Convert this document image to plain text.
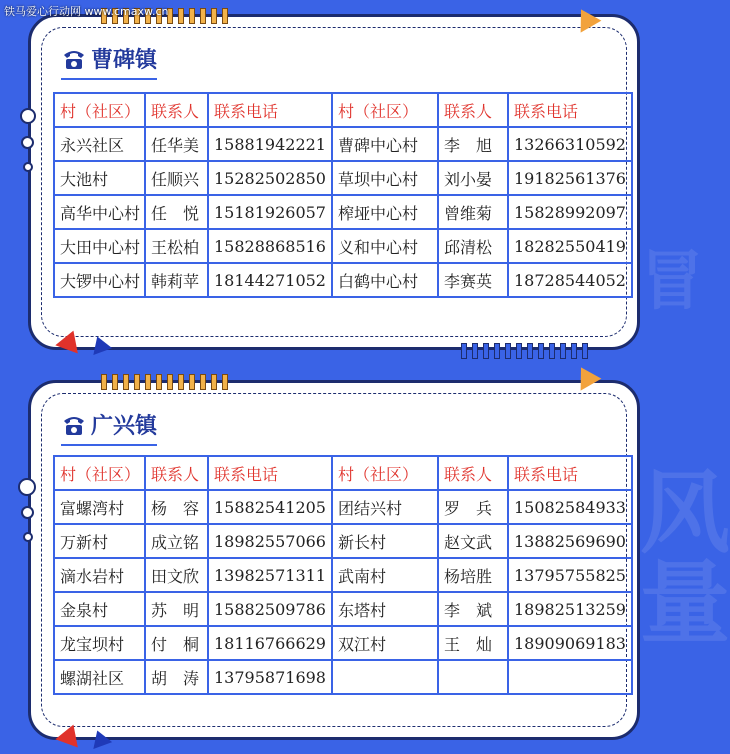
冒
风
量
铁马爱心行动网 www.cmaxw.cn
曹碑镇
村（社区）	联系人	联系电话	村（社区）	联系人	联系电话
永兴社区	任华美	15881942221	曹碑中心村	李　旭	13266310592
大池村	任顺兴	15282502850	草坝中心村	刘小晏	19182561376
高华中心村	任　悦	15181926057	榨垭中心村	曾维菊	15828992097
大田中心村	王松柏	15828868516	义和中心村	邱清松	18282550419
大锣中心村	韩莉苹	18144271052	白鹤中心村	李赛英	18728544052
广兴镇
村（社区）	联系人	联系电话	村（社区）	联系人	联系电话
富螺湾村	杨　容	15882541205	团结兴村	罗　兵	15082584933
万新村	成立铭	18982557066	新长村	赵文武	13882569690
滴水岩村	田文欣	13982571311	武南村	杨培胜	13795755825
金泉村	苏　明	15882509786	东塔村	李　斌	18982513259
龙宝坝村	付　桐	18116766629	双江村	王　灿	18909069183
螺湖社区	胡　涛	13795871698			
